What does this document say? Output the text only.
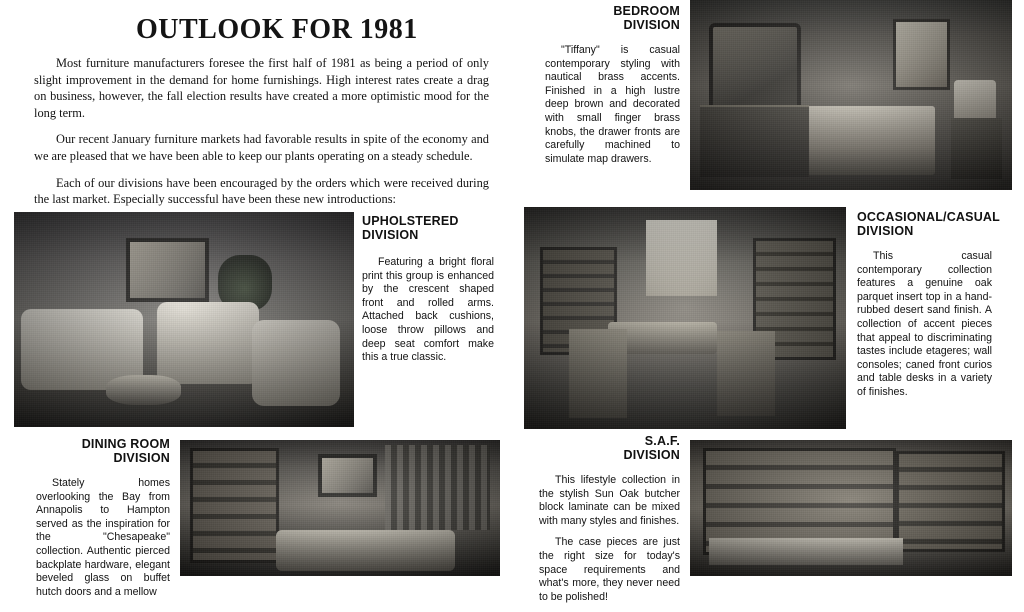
OUTLOOK FOR 1981

Most furniture manufacturers foresee the first half of 1981 as being a period of only slight improvement in the demand for home furnishings. High interest rates create a drag on business, however, the fall election results have created a more optimistic mood for the long term.

Our recent January furniture markets had favorable results in spite of the economy and we are pleased that we have been able to keep our plants operating on a steady schedule.

Each of our divisions have been encouraged by the orders which were received during the last market. Especially successful have been these new introductions:

BEDROOM
DIVISION

"Tiffany" is casual contemporary styling with nautical brass accents. Finished in a high lustre deep brown and decorated with small finger brass knobs, the drawer fronts are carefully machined to simulate map drawers.

UPHOLSTERED
DIVISION

Featuring a bright floral print this group is enhanced by the crescent shaped front and rolled arms. Attached back cushions, loose throw pillows and deep seat comfort make this a true classic.

OCCASIONAL/CASUAL
DIVISION

This casual contemporary collection features a genuine oak parquet insert top in a hand-rubbed desert sand finish. A collection of accent pieces that appeal to discriminating tastes include etageres; wall consoles; caned front curios and table desks in a variety of finishes.

DINING ROOM
DIVISION

Stately homes overlooking the Bay from Annapolis to Hampton served as the inspiration for the "Chesapeake" collection. Authentic pierced backplate hardware, elegant beveled glass on buffet hutch doors and a mellow

S.A.F.
DIVISION

This lifestyle collection in the stylish Sun Oak butcher block laminate can be mixed with many styles and finishes.

The case pieces are just the right size for today's space requirements and what's more, they never need to be polished!
